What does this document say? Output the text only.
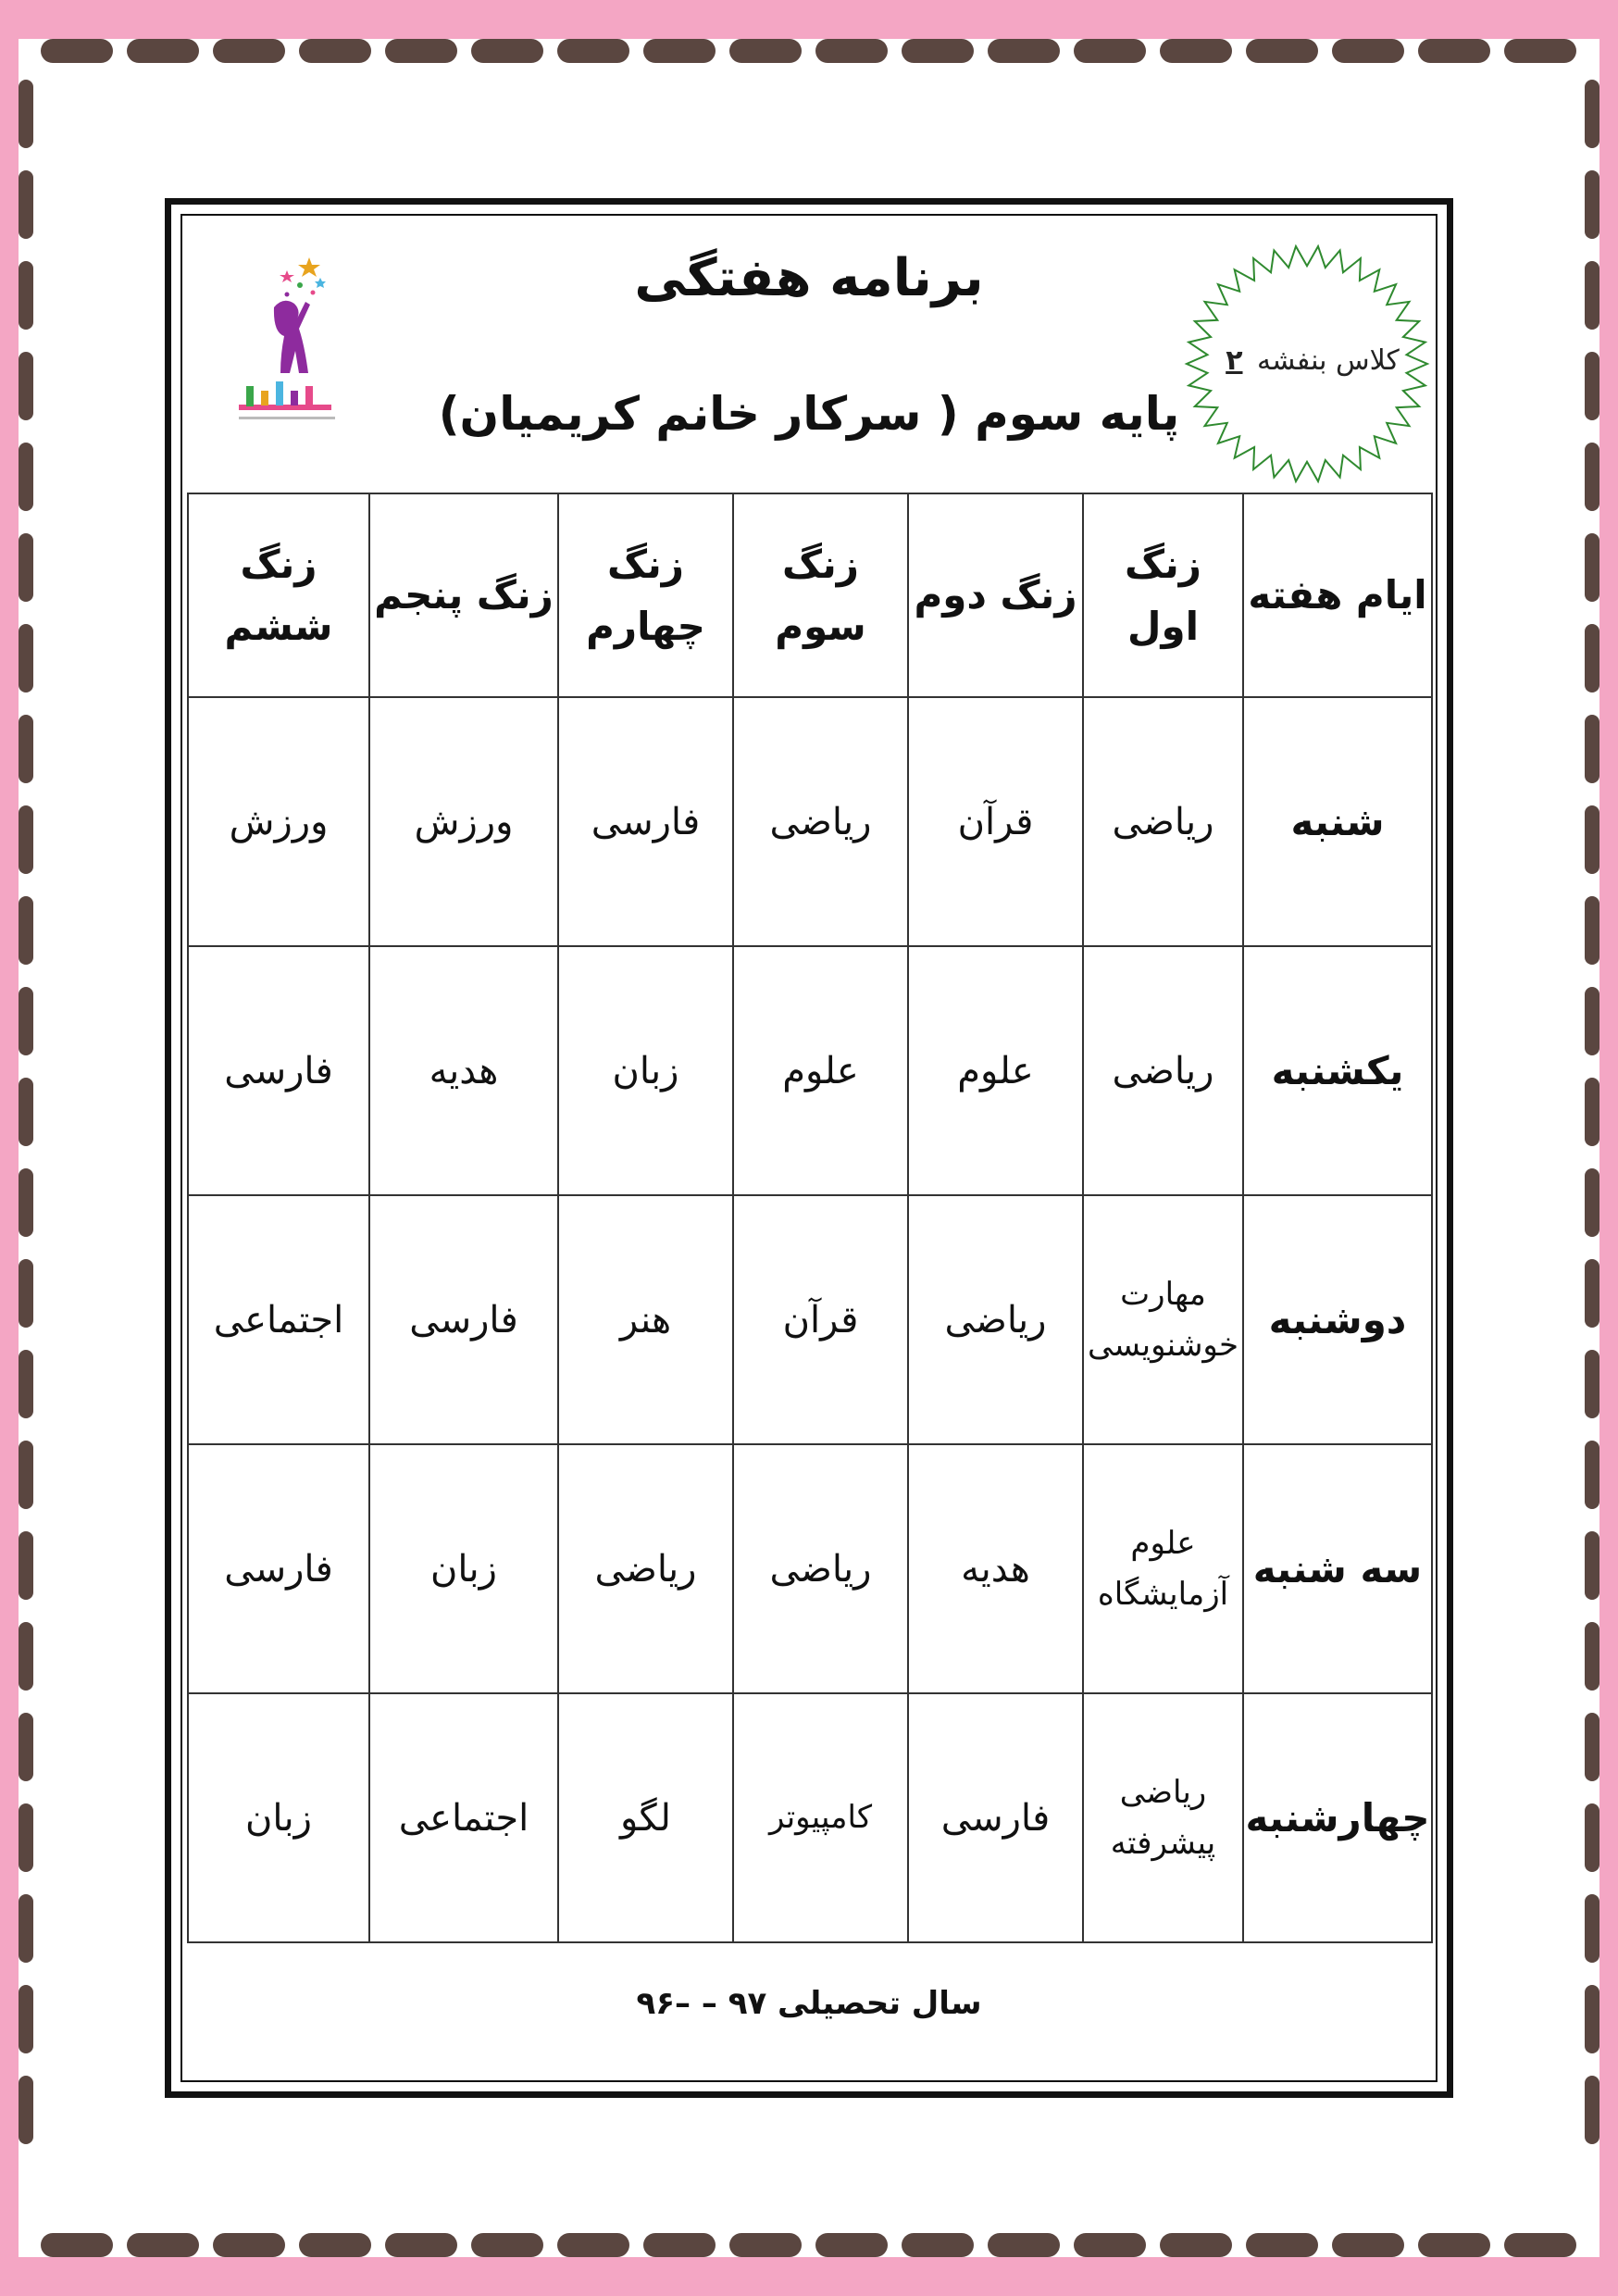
برنامه هفتگی
پایه سوم ( سرکار خانم کریمیان)
کلاس بنفشه ۲
ایام هفته	زنگ اول	زنگ دوم	زنگ سوم	زنگ چهارم	زنگ پنجم	زنگ ششم
شنبه	ریاضی	قرآن	ریاضی	فارسی	ورزش	ورزش
یکشنبه	ریاضی	علوم	علوم	زبان	هدیه	فارسی
دوشنبه	مهارت خوشنویسی	ریاضی	قرآن	هنر	فارسی	اجتماعی
سه شنبه	علوم آزمایشگاه	هدیه	ریاضی	ریاضی	زبان	فارسی
چهارشنبه	ریاضی پیشرفته	فارسی	کامپیوتر	لگو	اجتماعی	زبان
سال تحصیلی ۹۷ – –۹۶
